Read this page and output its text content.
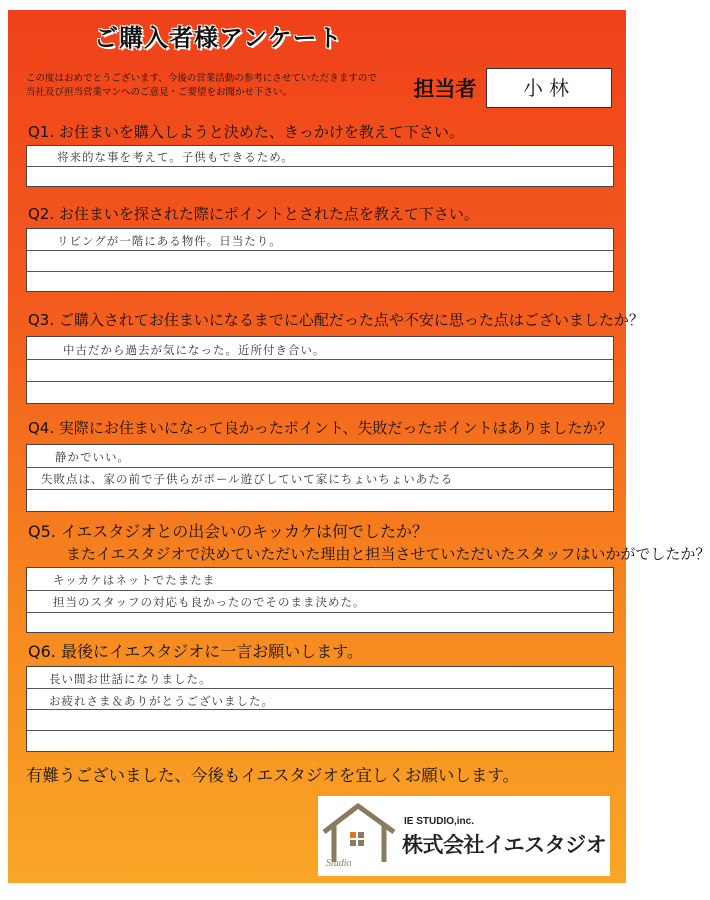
ご購入者様アンケート
この度はおめでとうございます、今後の営業活動の参考にさせていただきますので
当社及び担当営業マンへのご意見・ご要望をお聞かせ下さい。	担当者	小林
Q1. お住まいを購入しようと決めた、きっかけを教えて下さい。
将来的な事を考えて。子供もできるため。
Q2. お住まいを探された際にポイントとされた点を教えて下さい。
リビングが一階にある物件。日当たり。
Q3. ご購入されてお住まいになるまでに心配だった点や不安に思った点はございましたか？
中古だから過去が気になった。近所付き合い。
Q4. 実際にお住まいになって良かったポイント、失敗だったポイントはありましたか？
静かでいい。
失敗点は、家の前で子供らがボール遊びしていて家にちょいちょいあたる
Q5. イエスタジオとの出会いのキッカケは何でしたか？
またイエスタジオで決めていただいた理由と担当させていただいたスタッフはいかがでしたか？
キッカケはネットでたまたま
担当のスタッフの対応も良かったのでそのまま決めた。
Q6. 最後にイエスタジオに一言お願いします。
長い間お世話になりました。
お疲れさま＆ありがとうございました。
有難うございました、今後もイエスタジオを宜しくお願いします。
Studio
IE STUDIO,inc.
株式会社イエスタジオ
